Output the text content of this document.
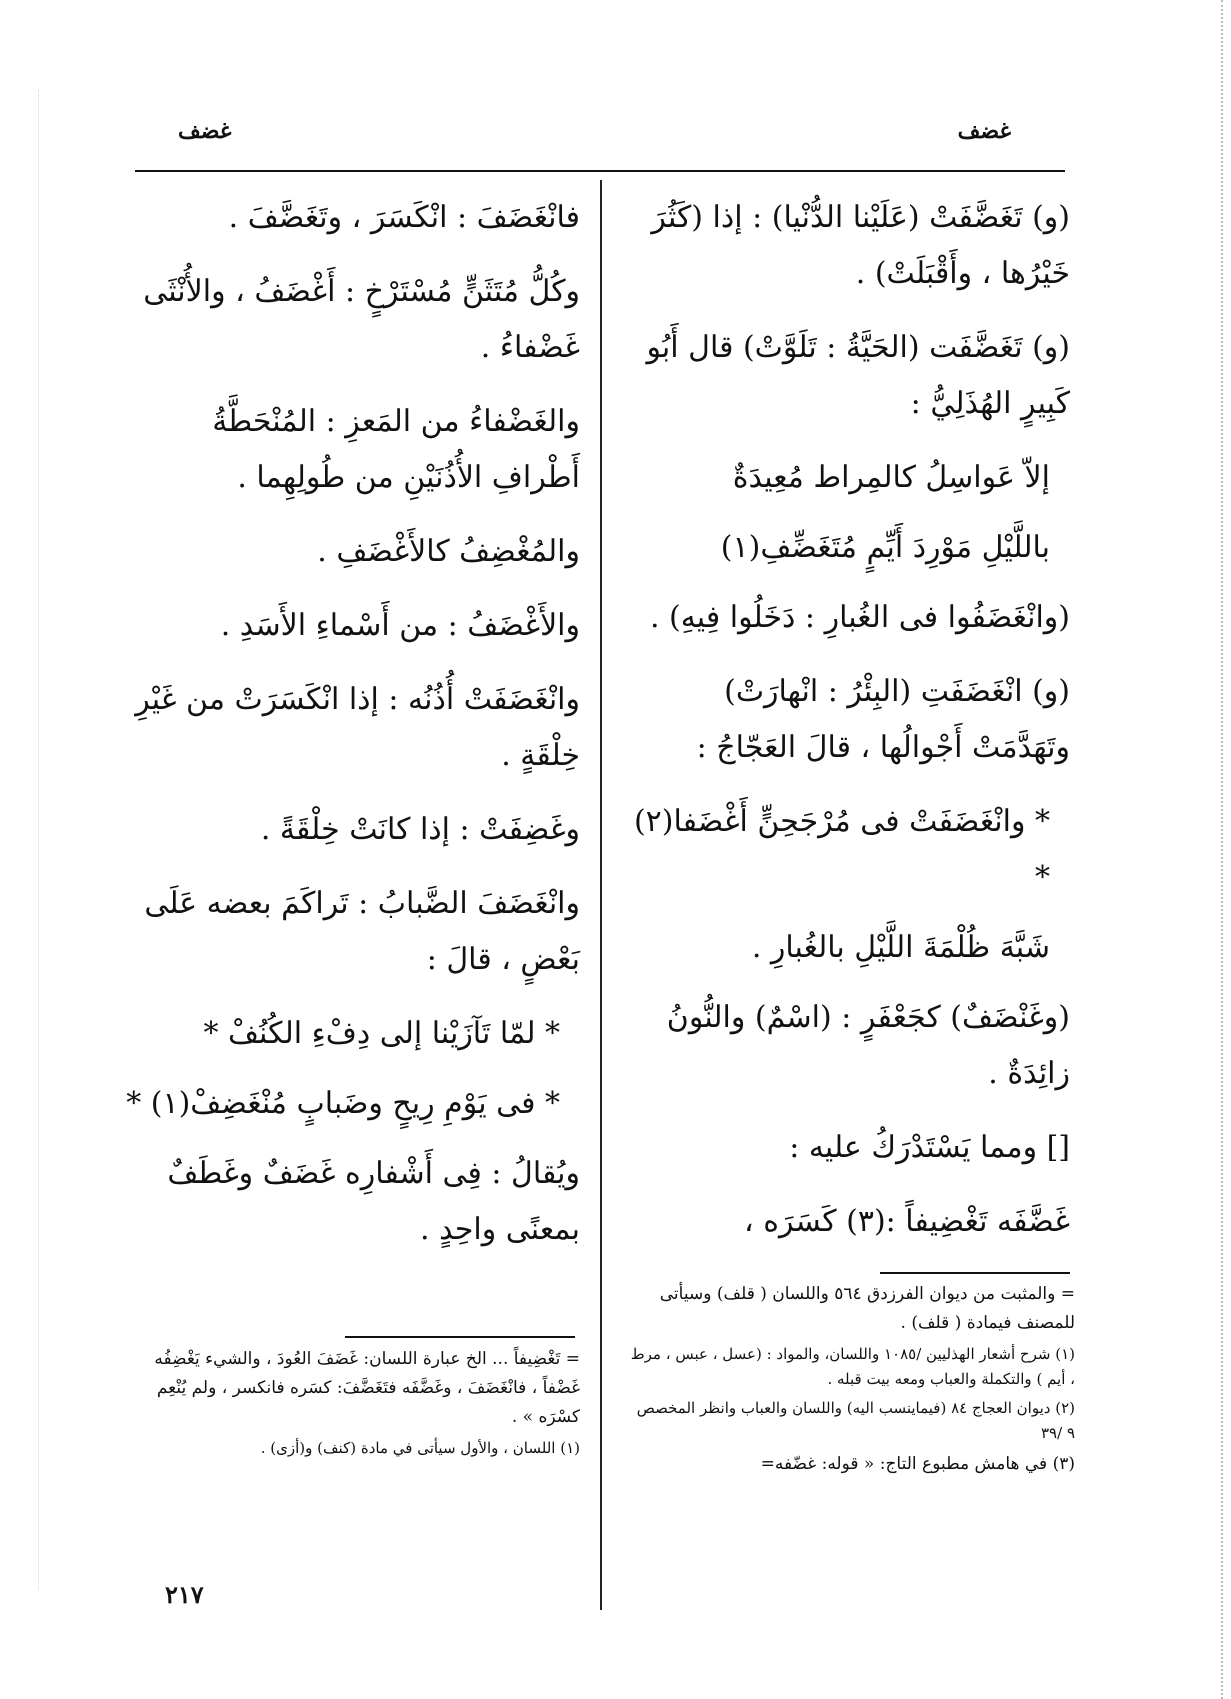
غضف
غضف

(و) تَغَضَّفَتْ (عَلَيْنا الدُّنْيا) : إذا (كَثُرَ خَيْرُها ، وأَقْبَلَتْ) .

(و) تَغَضَّفَت (الحَيَّةُ : تَلَوَّتْ) قال أَبُو كَبِيرٍ الهُذَلِيُّ :

إلاّ عَواسِلُ كالمِراط مُعِيدَةٌ

باللَّيْلِ مَوْرِدَ أَيِّمٍ مُتَغَضِّفِ(١)

(وانْغَضَفُوا فى الغُبارِ : دَخَلُوا فِيهِ) .

(و) انْغَضَفَتِ (البِئْرُ : انْهارَتْ) وتَهَدَّمَتْ أَجْوالُها ، قالَ العَجّاجُ :

* وانْغَضَفَتْ فى مُرْجَحِنٍّ أَغْضَفا(٢) *

شَبَّهَ ظُلْمَةَ اللَّيْلِ بالغُبارِ .

(وغَنْضَفٌ) كجَعْفَرٍ : (اسْمٌ) والنُّونُ زائِدَةٌ .

[] ومما يَسْتَدْرَكُ عليه :

غَضَّفَه تَغْضِيفاً :(٣) كَسَرَه ،

فانْغَضَفَ : انْكَسَرَ ، وتَغَضَّفَ .

وكُلُّ مُتَثَنٍّ مُسْتَرْخٍ : أَغْضَفُ ، والأُنْثَى غَضْفاءُ .

والغَضْفاءُ من المَعزِ : المُنْحَطَّةُ أَطْرافِ الأُذُنَيْنِ من طُولِهِما .

والمُغْضِفُ كالأَغْضَفِ .

والأَغْضَفُ : من أَسْماءِ الأَسَدِ .

وانْغَضَفَتْ أُذُنُه : إذا انْكَسَرَتْ من غَيْرِ خِلْقَةٍ .

وغَضِفَتْ : إذا كانَتْ خِلْقَةً .

وانْغَضَفَ الضَّبابُ : تَراكَمَ بعضه عَلَى بَعْضٍ ، قالَ :

* لمّا تَآزَيْنا إلى دِفْءِ الكُنُفْ *

* فى يَوْمِ رِيحٍ وضَبابٍ مُنْغَضِفْ(١) *

ويُقالُ : فِى أَشْفارِه غَضَفٌ وغَطَفٌ بمعنًى واحِدٍ .

= والمثبت من ديوان الفرزدق ٥٦٤ واللسان ( قلف) وسيأتى للمصنف فيمادة ( قلف) .

(١) شرح أشعار الهذليين /١٠٨٥ واللسان، والمواد : (عسل ، عبس ، مرط ، أيم ) والتكملة والعباب ومعه بيت قبله .

(٢) ديوان العجاج ٨٤ (فيماينسب اليه) واللسان والعباب وانظر المخصص ٩ /٣٩

(٣) في هامش مطبوع التاج: « قوله: غضّفه=

= تَغْضِيفاً ... الخ عبارة اللسان: غَضَفَ العُودَ ، والشيء يَغْضِفُه غَضْفاً ، فانْغَضَفَ ، وغَضَّفَه فتَغَضَّفَ: كسَره فانكسر ، ولم يُنْعِم كسْرَه » .

(١) اللسان ، والأول سيأتى في مادة (كنف) و(أزى) .

٢١٧
